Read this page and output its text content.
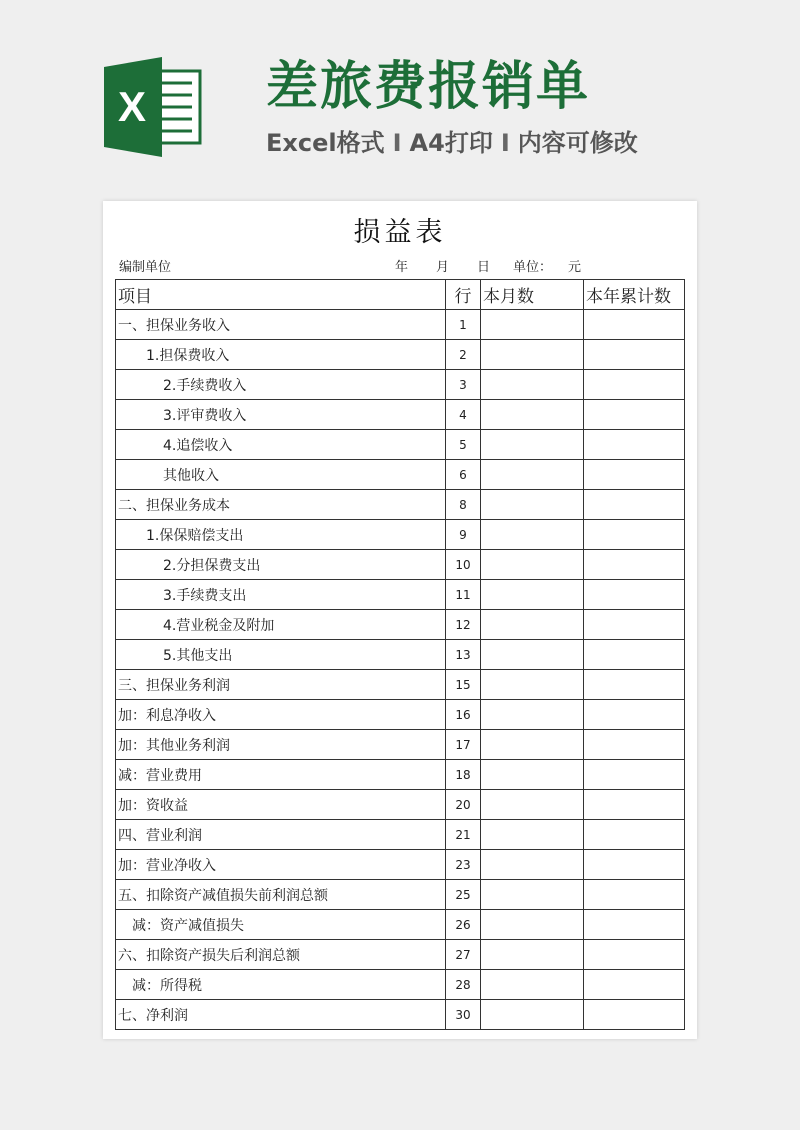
X 差旅费报销单
Excel格式 I A4打印 I 内容可修改
损益表
编制单位	年 月 日 单位： 元
项目	行	本月数	本年累计数
一、担保业务收入	1		
1.担保费收入	2		
2.手续费收入	3		
3.评审费收入	4		
4.追偿收入	5		
其他收入	6		
二、担保业务成本	8		
1.保保赔偿支出	9		
2.分担保费支出	10		
3.手续费支出	11		
4.营业税金及附加	12		
5.其他支出	13		
三、担保业务利润	15		
加：利息净收入	16		
加：其他业务利润	17		
减：营业费用	18		
加：资收益	20		
四、营业利润	21		
加：营业净收入	23		
五、扣除资产减值损失前利润总额	25		
减：资产减值损失	26		
六、扣除资产损失后利润总额	27		
减：所得税	28		
七、净利润	30		
